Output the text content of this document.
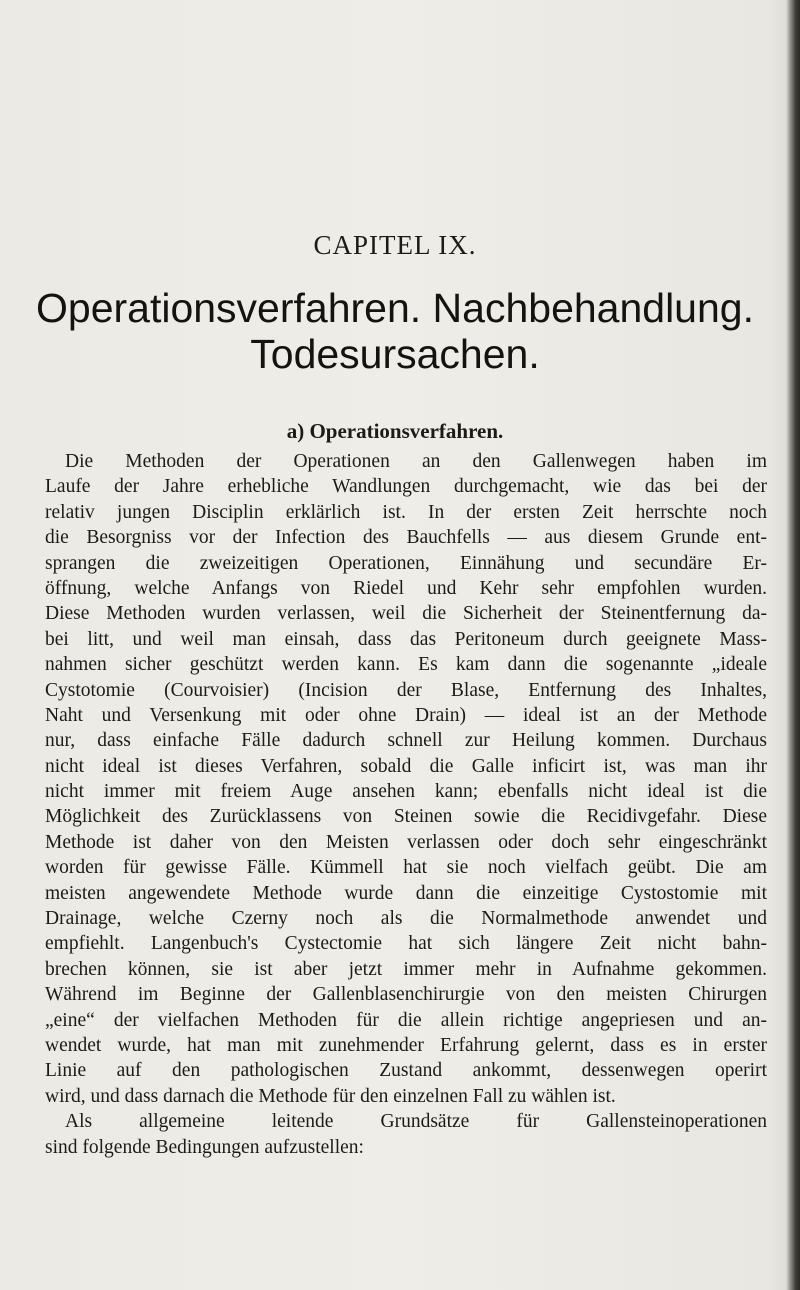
CAPITEL IX.
Operationsverfahren. Nachbehandlung.
Todesursachen.
a) Operationsverfahren.
Die Methoden der Operationen an den Gallenwegen haben im
Laufe der Jahre erhebliche Wandlungen durchgemacht, wie das bei der
relativ jungen Disciplin erklärlich ist. In der ersten Zeit herrschte noch
die Besorgniss vor der Infection des Bauchfells — aus diesem Grunde ent-
sprangen die zweizeitigen Operationen, Einnähung und secundäre Er-
öffnung, welche Anfangs von Riedel und Kehr sehr empfohlen wurden.
Diese Methoden wurden verlassen, weil die Sicherheit der Steinentfernung da-
bei litt, und weil man einsah, dass das Peritoneum durch geeignete Mass-
nahmen sicher geschützt werden kann. Es kam dann die sogenannte „ideale
Cystotomie (Courvoisier) (Incision der Blase, Entfernung des Inhaltes,
Naht und Versenkung mit oder ohne Drain) — ideal ist an der Methode
nur, dass einfache Fälle dadurch schnell zur Heilung kommen. Durchaus
nicht ideal ist dieses Verfahren, sobald die Galle inficirt ist, was man ihr
nicht immer mit freiem Auge ansehen kann; ebenfalls nicht ideal ist die
Möglichkeit des Zurücklassens von Steinen sowie die Recidivgefahr. Diese
Methode ist daher von den Meisten verlassen oder doch sehr eingeschränkt
worden für gewisse Fälle. Kümmell hat sie noch vielfach geübt. Die am
meisten angewendete Methode wurde dann die einzeitige Cystostomie mit
Drainage, welche Czerny noch als die Normalmethode anwendet und
empfiehlt. Langenbuch's Cystectomie hat sich längere Zeit nicht bahn-
brechen können, sie ist aber jetzt immer mehr in Aufnahme gekommen.
Während im Beginne der Gallenblasenchirurgie von den meisten Chirurgen
„eine“ der vielfachen Methoden für die allein richtige angepriesen und an-
wendet wurde, hat man mit zunehmender Erfahrung gelernt, dass es in erster
Linie auf den pathologischen Zustand ankommt, dessenwegen operirt
wird, und dass darnach die Methode für den einzelnen Fall zu wählen ist.
Als allgemeine leitende Grundsätze für Gallensteinoperationen
sind folgende Bedingungen aufzustellen:
